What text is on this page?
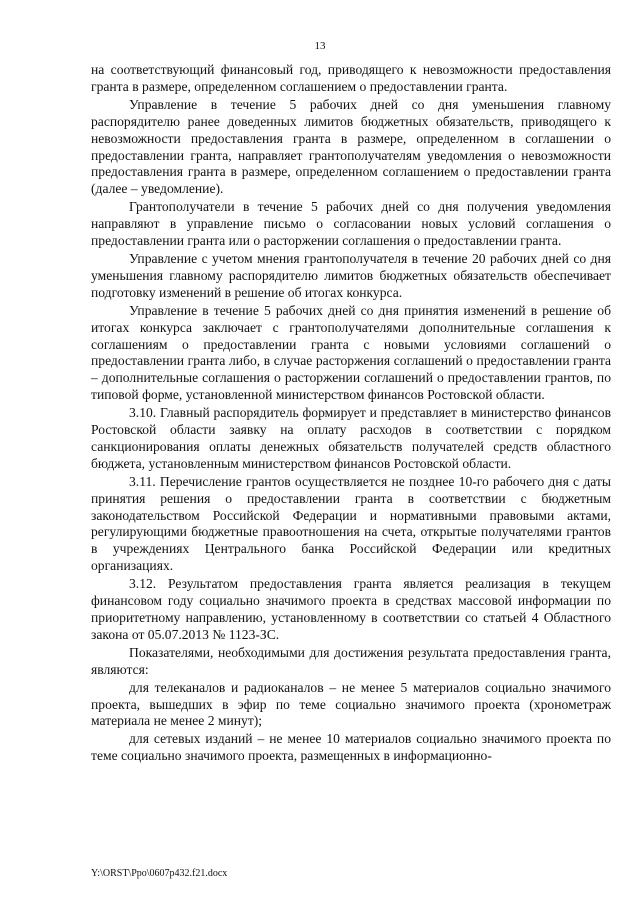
13

на соответствующий финансовый год, приводящего к невозможности предоставления гранта в размере, определенном соглашением о предоставлении гранта.

Управление в течение 5 рабочих дней со дня уменьшения главному распорядителю ранее доведенных лимитов бюджетных обязательств, приводящего к невозможности предоставления гранта в размере, определенном в соглашении о предоставлении гранта, направляет грантополучателям уведомления о невозможности предоставления гранта в размере, определенном соглашением о предоставлении гранта (далее – уведомление).

Грантополучатели в течение 5 рабочих дней со дня получения уведомления направляют в управление письмо о согласовании новых условий соглашения о предоставлении гранта или о расторжении соглашения о предоставлении гранта.

Управление с учетом мнения грантополучателя в течение 20 рабочих дней со дня уменьшения главному распорядителю лимитов бюджетных обязательств обеспечивает подготовку изменений в решение об итогах конкурса.

Управление в течение 5 рабочих дней со дня принятия изменений в решение об итогах конкурса заключает с грантополучателями дополнительные соглашения к соглашениям о предоставлении гранта с новыми условиями соглашений о предоставлении гранта либо, в случае расторжения соглашений о предоставлении гранта – дополнительные соглашения о расторжении соглашений о предоставлении грантов, по типовой форме, установленной министерством финансов Ростовской области.

3.10. Главный распорядитель формирует и представляет в министерство финансов Ростовской области заявку на оплату расходов в соответствии с порядком санкционирования оплаты денежных обязательств получателей средств областного бюджета, установленным министерством финансов Ростовской области.

3.11. Перечисление грантов осуществляется не позднее 10-го рабочего дня с даты принятия решения о предоставлении гранта в соответствии с бюджетным законодательством Российской Федерации и нормативными правовыми актами, регулирующими бюджетные правоотношения на счета, открытые получателями грантов в учреждениях Центрального банка Российской Федерации или кредитных организациях.

3.12. Результатом предоставления гранта является реализация в текущем финансовом году социально значимого проекта в средствах массовой информации по приоритетному направлению, установленному в соответствии со статьей 4 Областного закона от 05.07.2013 № 1123-ЗС.

Показателями, необходимыми для достижения результата предоставления гранта, являются:

для телеканалов и радиоканалов – не менее 5 материалов социально значимого проекта, вышедших в эфир по теме социально значимого проекта (хронометраж материала не менее 2 минут);

для сетевых изданий – не менее 10 материалов социально значимого проекта по теме социально значимого проекта, размещенных в информационно-

Y:\ORST\Ppo\0607p432.f21.docx
